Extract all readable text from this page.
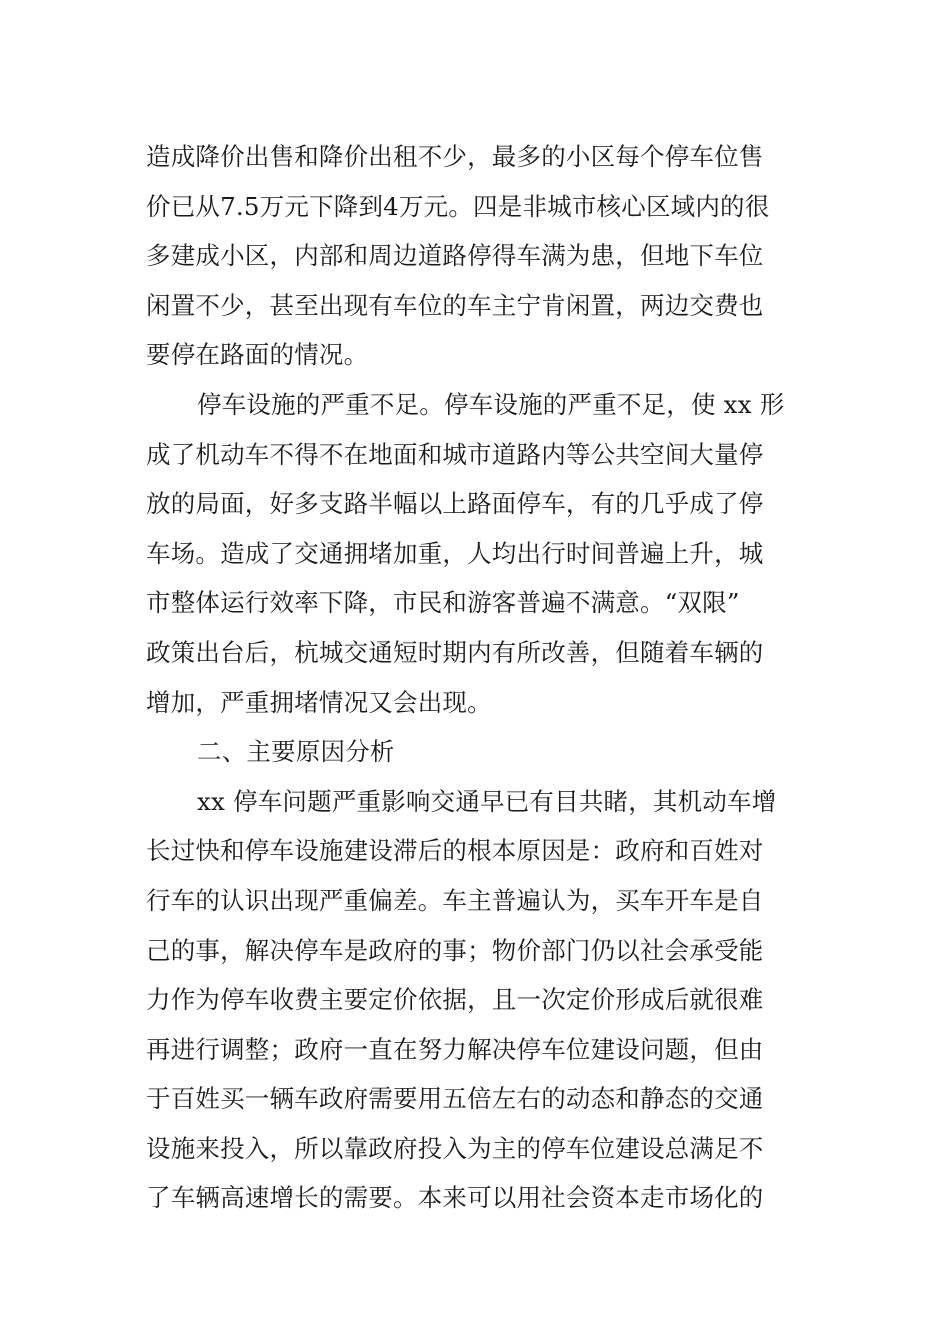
造成降价出售和降价出租不少，最多的小区每个停车位售
价已从7.5万元下降到4万元。四是非城市核心区域内的很
多建成小区，内部和周边道路停得车满为患，但地下车位
闲置不少，甚至出现有车位的车主宁肯闲置，两边交费也
要停在路面的情况。
停车设施的严重不足。停车设施的严重不足，使 xx 形
成了机动车不得不在地面和城市道路内等公共空间大量停
放的局面，好多支路半幅以上路面停车，有的几乎成了停
车场。造成了交通拥堵加重，人均出行时间普遍上升，城
市整体运行效率下降，市民和游客普遍不满意。“双限”
政策出台后，杭城交通短时期内有所改善，但随着车辆的
增加，严重拥堵情况又会出现。
二、主要原因分析
xx 停车问题严重影响交通早已有目共睹，其机动车增
长过快和停车设施建设滞后的根本原因是：政府和百姓对
行车的认识出现严重偏差。车主普遍认为，买车开车是自
己的事，解决停车是政府的事；物价部门仍以社会承受能
力作为停车收费主要定价依据，且一次定价形成后就很难
再进行调整；政府一直在努力解决停车位建设问题，但由
于百姓买一辆车政府需要用五倍左右的动态和静态的交通
设施来投入，所以靠政府投入为主的停车位建设总满足不
了车辆高速增长的需要。本来可以用社会资本走市场化的
